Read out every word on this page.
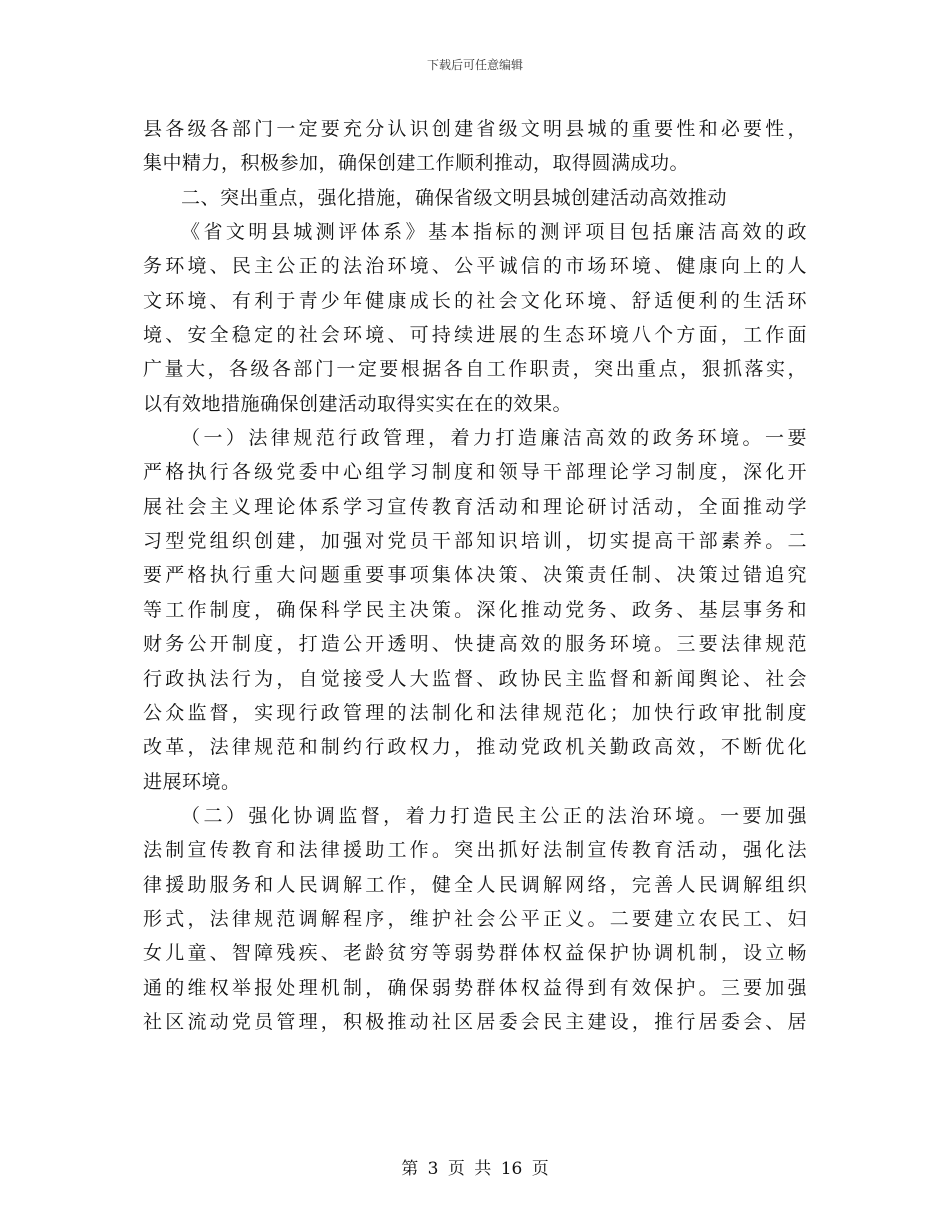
下载后可任意编辑
县各级各部门一定要充分认识创建省级文明县城的重要性和必要性，
集中精力，积极参加，确保创建工作顺利推动，取得圆满成功。
二、突出重点，强化措施，确保省级文明县城创建活动高效推动
《省文明县城测评体系》基本指标的测评项目包括廉洁高效的政
务环境、民主公正的法治环境、公平诚信的市场环境、健康向上的人
文环境、有利于青少年健康成长的社会文化环境、舒适便利的生活环
境、安全稳定的社会环境、可持续进展的生态环境八个方面，工作面
广量大，各级各部门一定要根据各自工作职责，突出重点，狠抓落实，
以有效地措施确保创建活动取得实实在在的效果。
（一）法律规范行政管理，着力打造廉洁高效的政务环境。一要
严格执行各级党委中心组学习制度和领导干部理论学习制度，深化开
展社会主义理论体系学习宣传教育活动和理论研讨活动，全面推动学
习型党组织创建，加强对党员干部知识培训，切实提高干部素养。二
要严格执行重大问题重要事项集体决策、决策责任制、决策过错追究
等工作制度，确保科学民主决策。深化推动党务、政务、基层事务和
财务公开制度，打造公开透明、快捷高效的服务环境。三要法律规范
行政执法行为，自觉接受人大监督、政协民主监督和新闻舆论、社会
公众监督，实现行政管理的法制化和法律规范化；加快行政审批制度
改革，法律规范和制约行政权力，推动党政机关勤政高效，不断优化
进展环境。
（二）强化协调监督，着力打造民主公正的法治环境。一要加强
法制宣传教育和法律援助工作。突出抓好法制宣传教育活动，强化法
律援助服务和人民调解工作，健全人民调解网络，完善人民调解组织
形式，法律规范调解程序，维护社会公平正义。二要建立农民工、妇
女儿童、智障残疾、老龄贫穷等弱势群体权益保护协调机制，设立畅
通的维权举报处理机制，确保弱势群体权益得到有效保护。三要加强
社区流动党员管理，积极推动社区居委会民主建设，推行居委会、居
第 3 页 共 16 页
